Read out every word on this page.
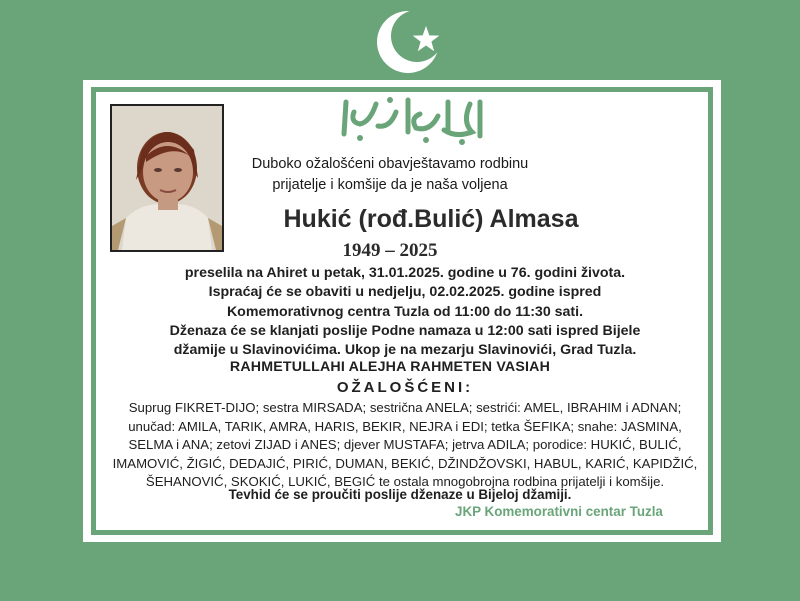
Duboko ožalošćeni obavještavamo rodbinu
prijatelje i komšije da je naša voljena
Hukić (rođ.Bulić) Almasa
1949 – 2025
preselila na Ahiret u petak, 31.01.2025. godine u 76. godini života.
Ispraćaj će se obaviti u nedjelju, 02.02.2025. godine ispred
Komemorativnog centra Tuzla od 11:00 do 11:30 sati.
Dženaza će se klanjati poslije Podne namaza u 12:00 sati ispred Bijele
džamije u Slavinovićima. Ukop je na mezarju Slavinovići, Grad Tuzla.
RAHMETULLAHI ALEJHA RAHMETEN VASIAH
OŽALOŠĆENI:
Suprug FIKRET-DIJO; sestra MIRSADA; sestrična ANELA; sestrići: AMEL, IBRAHIM i ADNAN;
unučad: AMILA, TARIK, AMRA, HARIS, BEKIR, NEJRA i EDI; tetka ŠEFIKA; snahe: JASMINA,
SELMA i ANA; zetovi ZIJAD i ANES; djever MUSTAFA; jetrva ADILA; porodice: HUKIĆ, BULIĆ,
IMAMOVIĆ, ŽIGIĆ, DEDAJIĆ, PIRIĆ, DUMAN, BEKIĆ, DŽINDŽOVSKI, HABUL, KARIĆ, KAPIDŽIĆ,
ŠEHANOVIĆ, SKOKIĆ, LUKIĆ, BEGIĆ te ostala mnogobrojna rodbina prijatelji i komšije.
Tevhid će se proučiti poslije dženaze u Bijeloj džamiji.
JKP Komemorativni centar Tuzla
